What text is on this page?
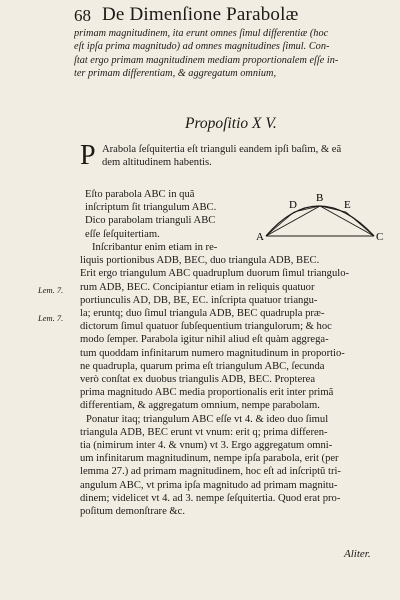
68 De Dimenſione Parabolæ
primam magnitudinem, ita erunt omnes ſimul differentiæ (hoc
eſt ipſa prima magnitudo) ad omnes magnitudines ſimul. Con-
ſtat ergo primam magnitudinem mediam proportionalem eſſe in-
ter primam differentiam, & aggregatum omnium,
Propoſitio X V.
P Arabola ſeſquitertia eſt trianguli eandem ipſi baſim, & eã
dem altitudinem habentis.
A
B
C
D	E
Eſto parabola ABC in quã
inſcriptum ſit triangulum ABC.
Dico parabolam trianguli ABC
eſſe ſeſquitertiam.
Inſcribantur enim etiam in re-
liquis portionibus ADB, BEC, duo triangula ADB, BEC.
Erit ergo triangulum ABC quadruplum duorum ſimul triangulo-
rum ADB, BEC. Concipiantur etiam in reliquis quatuor
portiunculis AD, DB, BE, EC. inſcripta quatuor triangu-
la; eruntq; duo ſimul triangula ADB, BEC quadrupla præ-
dictorum ſimul quatuor ſubſequentium triangulorum; & hoc
modo ſemper. Parabola igitur nihil aliud eſt quàm aggrega-
tum quoddam infinitarum numero magnitudinum in proportio-
ne quadrupla, quarum prima eſt triangulum ABC, ſecunda
verò conſtat ex duobus triangulis ADB, BEC. Propterea
prima magnitudo ABC media proportionalis erit inter primã
differentiam, & aggregatum omnium, nempe parabolam.
Ponatur itaq; triangulum ABC eſſe vt 4. & ideo duo ſimul
triangula ADB, BEC erunt vt vnum: erit q; prima differen-
tia (nimirum inter 4. & vnum) vt 3. Ergo aggregatum omni-
um infinitarum magnitudinum, nempe ipſa parabola, erit (per
lemma 27.) ad primam magnitudinem, hoc eſt ad inſcriptũ tri-
angulum ABC, vt prima ipſa magnitudo ad primam magnitu-
dinem; videlicet vt 4. ad 3. nempe ſeſquitertia. Quod erat pro-
poſitum demonſtrare &c.
Lem. 7.
Lem. 7.
Aliter.
